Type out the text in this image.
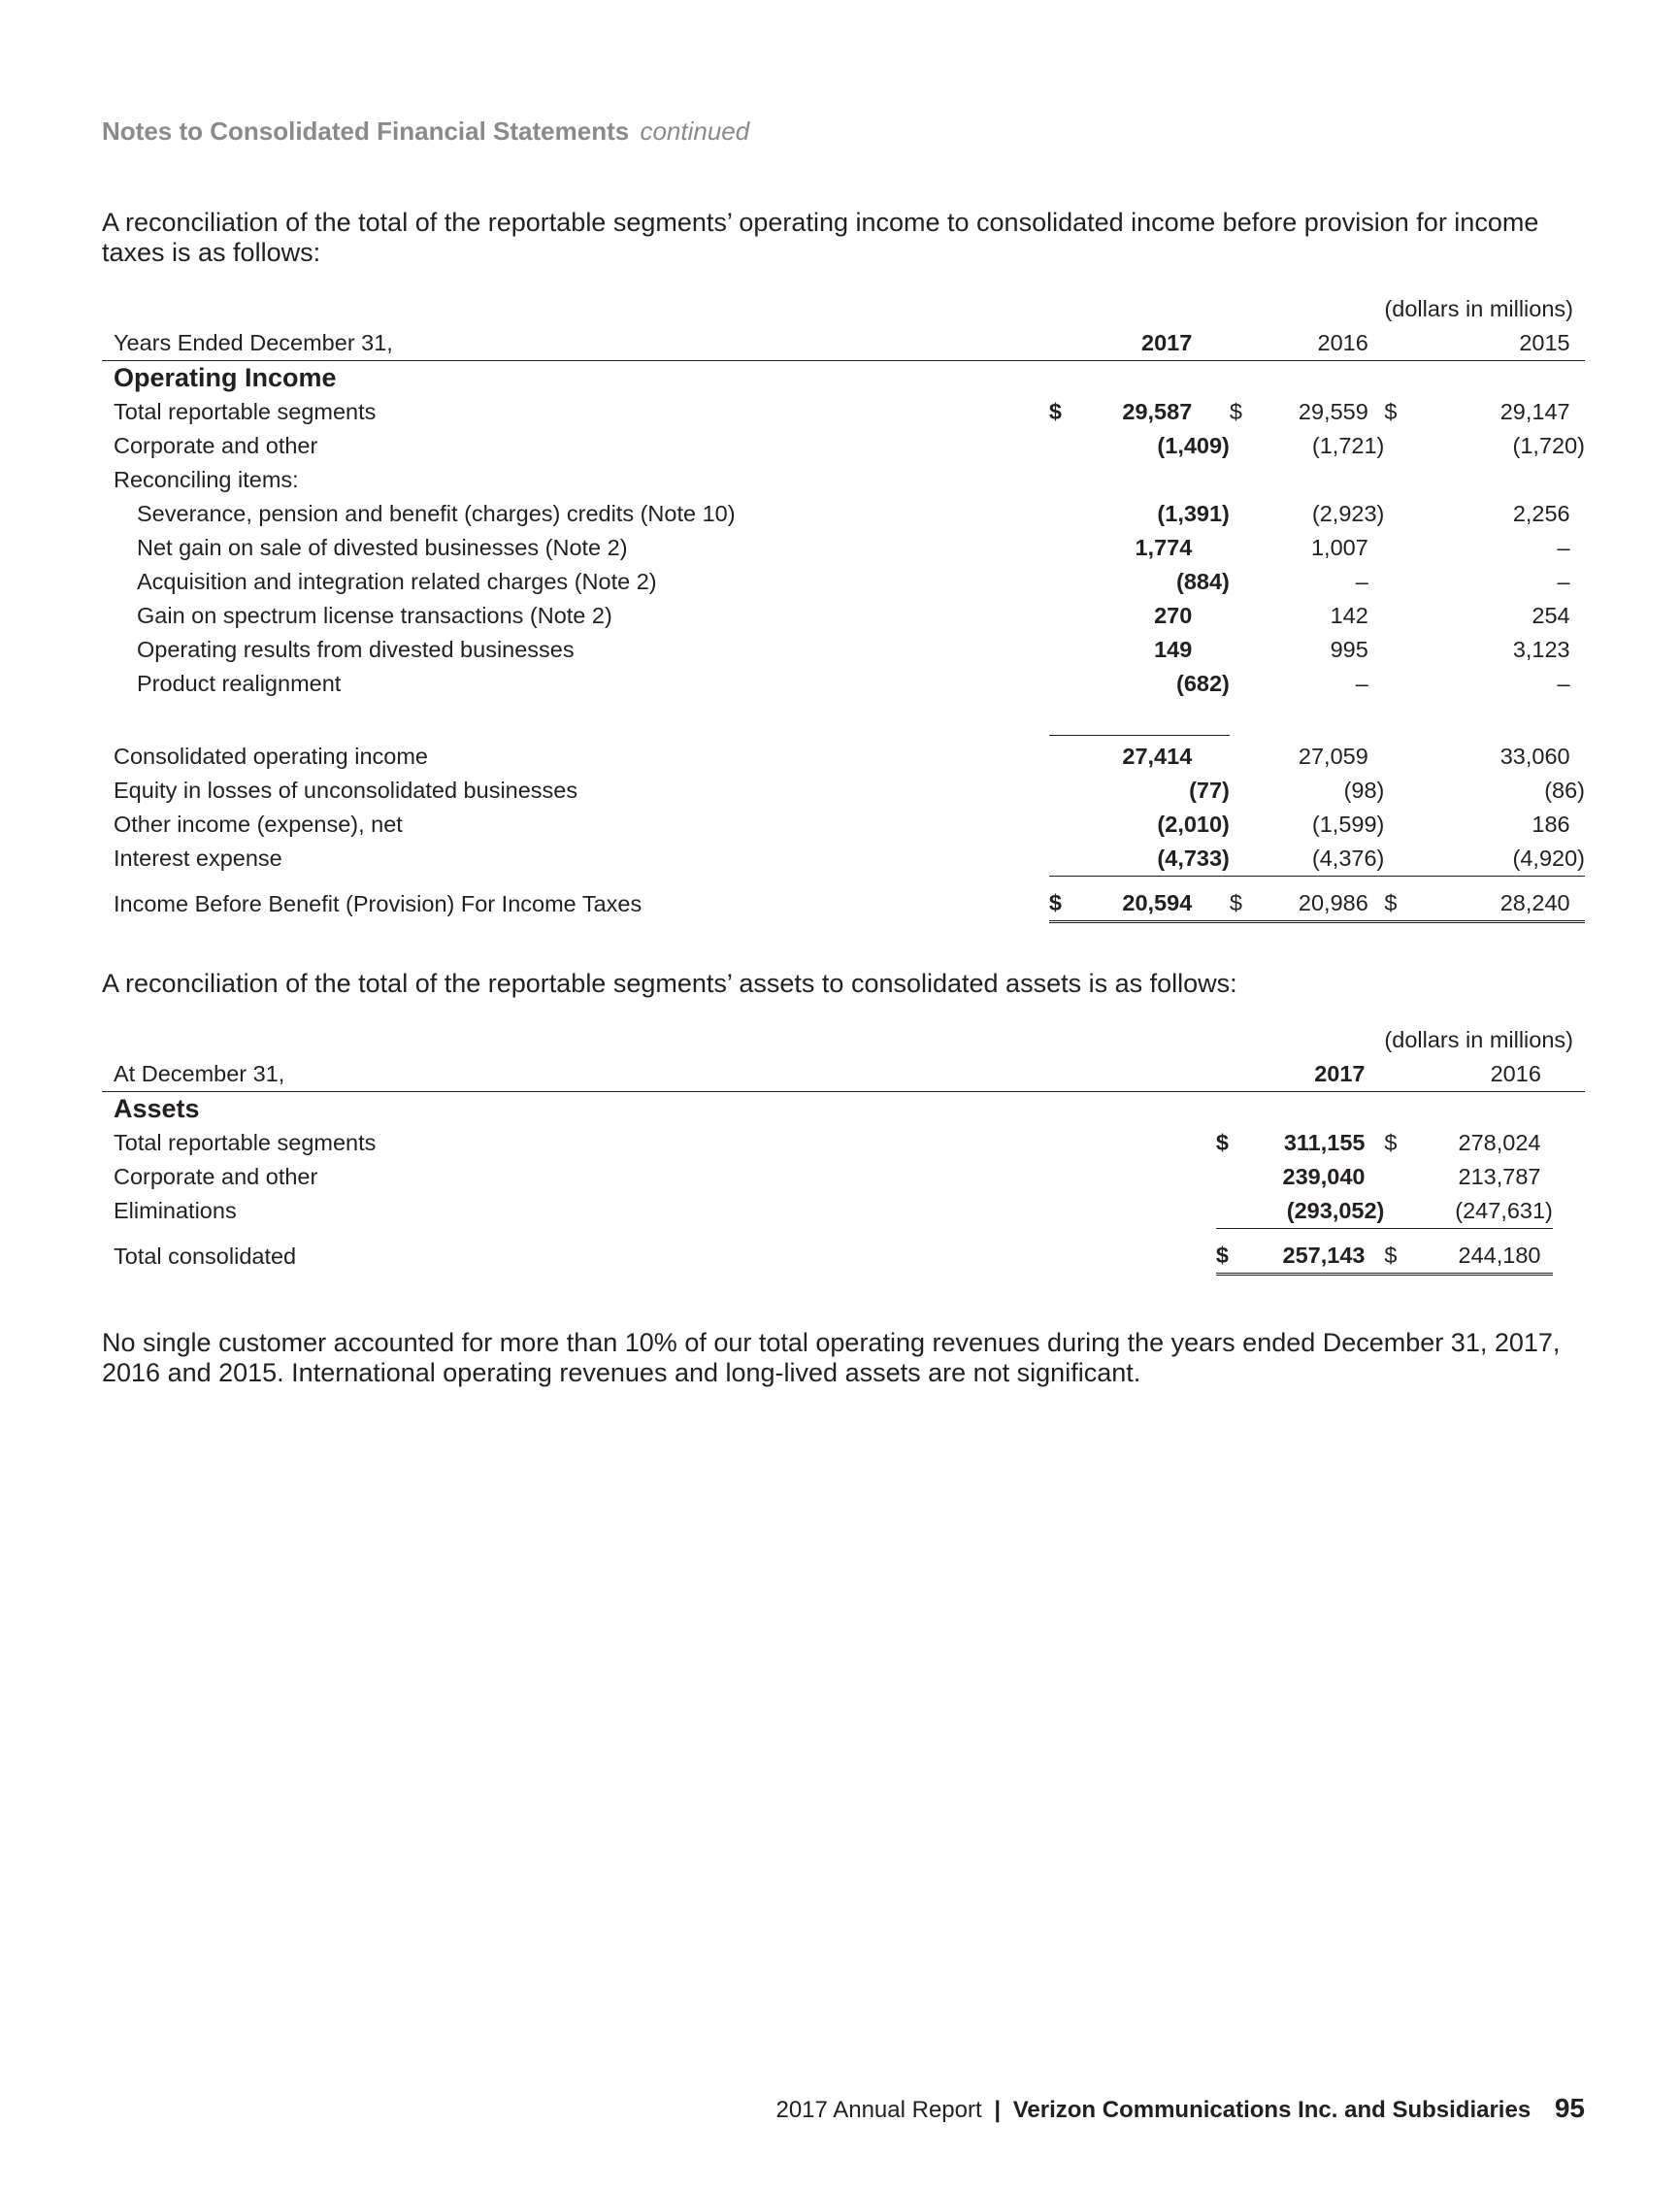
Notes to Consolidated Financial Statements continued
A reconciliation of the total of the reportable segments’ operating income to consolidated income before provision for income taxes is as follows:
							(dollars in millions)		
Years Ended December 31,		2017			2016			2015	
Operating Income									
Total reportable segments	$	29,587		$	29,559		$	29,147	
Corporate and other		(1,409)			(1,721)			(1,720)	
Reconciling items:									
Severance, pension and benefit (charges) credits (Note 10)		(1,391)			(2,923)			2,256	
Net gain on sale of divested businesses (Note 2)		1,774			1,007			–	
Acquisition and integration related charges (Note 2)		(884)			–			–	
Gain on spectrum license transactions (Note 2)		270			142			254	
Operating results from divested businesses		149			995			3,123	
Product realignment		(682)			–			–	

Consolidated operating income		27,414			27,059			33,060	
Equity in losses of unconsolidated businesses		(77)			(98)			(86)	
Other income (expense), net		(2,010)			(1,599)			186	
Interest expense		(4,733)			(4,376)			(4,920)	

Income Before Benefit (Provision) For Income Taxes	$	20,594		$	20,986		$	28,240	
A reconciliation of the total of the reportable segments’ assets to consolidated assets is as follows:
				(dollars in millions)			
At December 31,		2017			2016		
Assets							
Total reportable segments	$	311,155		$	278,024		
Corporate and other		239,040			213,787		
Eliminations		(293,052)			(247,631)		

Total consolidated	$	257,143		$	244,180		
No single customer accounted for more than 10% of our total operating revenues during the years ended December 31, 2017, 2016 and 2015. International operating revenues and long-lived assets are not significant.
2017 Annual Report | Verizon Communications Inc. and Subsidiaries 95
